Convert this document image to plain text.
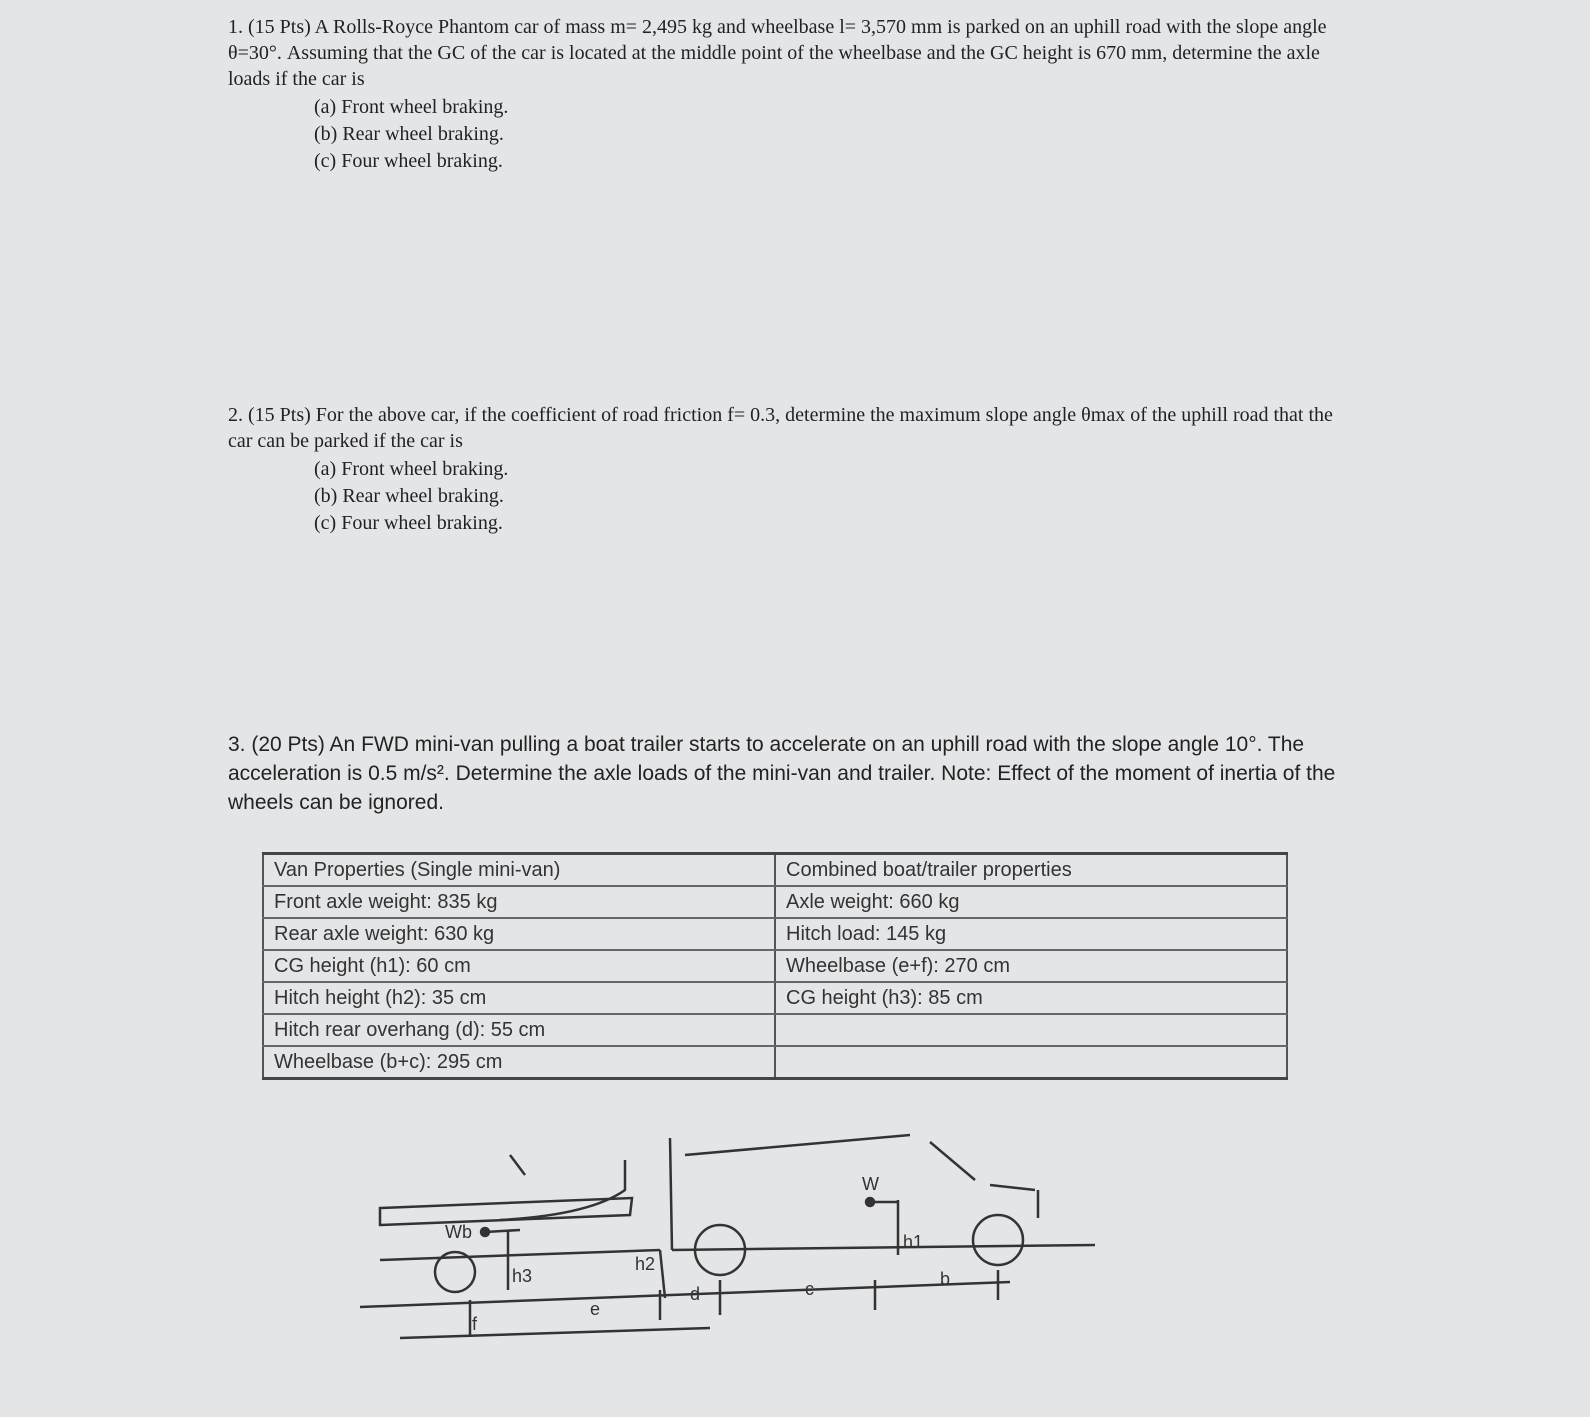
1. (15 Pts) A Rolls-Royce Phantom car of mass m= 2,495 kg and wheelbase l= 3,570 mm is parked on an uphill road with the slope angle θ=30°. Assuming that the GC of the car is located at the middle point of the wheelbase and the GC height is 670 mm, determine the axle loads if the car is

(a) Front wheel braking.
(b) Rear wheel braking.
(c) Four wheel braking.

2. (15 Pts) For the above car, if the coefficient of road friction f= 0.3, determine the maximum slope angle θmax of the uphill road that the car can be parked if the car is

(a) Front wheel braking.
(b) Rear wheel braking.
(c) Four wheel braking.

3. (20 Pts) An FWD mini-van pulling a boat trailer starts to accelerate on an uphill road with the slope angle 10°. The acceleration is 0.5 m/s². Determine the axle loads of the mini-van and trailer. Note: Effect of the moment of inertia of the wheels can be ignored.

Van Properties (Single mini-van)	Combined boat/trailer properties
Front axle weight: 835 kg	Axle weight: 660 kg
Rear axle weight: 630 kg	Hitch load: 145 kg
CG height (h1): 60 cm	Wheelbase (e+f): 270 cm
Hitch height (h2): 35 cm	CG height (h3): 85 cm
Hitch rear overhang (d): 55 cm	
Wheelbase (b+c): 295 cm	
W
Wb	h1
h2
h3	b
c
d
e
f
